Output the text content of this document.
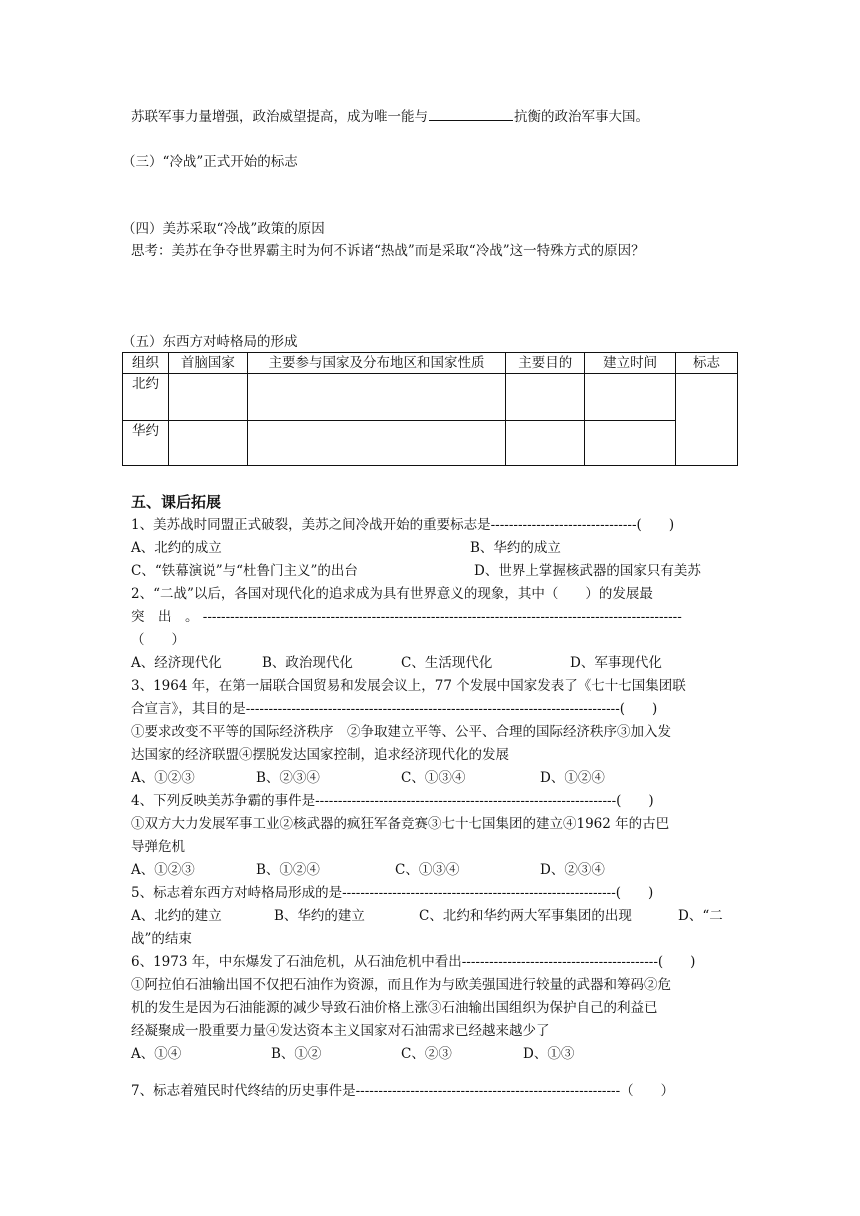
苏联军事力量增强，政治威望提高，成为唯一能与	抗衡的政治军事大国。
（三）“冷战”正式开始的标志
（四）美苏采取“冷战”政策的原因
思考：美苏在争夺世界霸主时为何不诉诸“热战”而是采取“冷战”这一特殊方式的原因？
（五）东西方对峙格局的形成
组织	首脑国家	主要参与国家及分布地区和国家性质	主要目的	建立时间	标志
北约					
华约					
五、课后拓展
1、美苏战时同盟正式破裂，美苏之间冷战开始的重要标志是--------------------------------(　　)
A、北约的成立	B、华约的成立
C、“铁幕演说”与“杜鲁门主义”的出台	D、世界上掌握核武器的国家只有美苏
2、“二战”以后，各国对现代化的追求成为具有世界意义的现象，其中（　　）的发展最
突　出　。 ---------------------------------------------------------------------------------------------------------
（　　）
A、经济现代化	B、政治现代化	C、生活现代化	D、军事现代化
3、1964 年，在第一届联合国贸易和发展会议上，77 个发展中国家发表了《七十七国集团联
合宣言》，其目的是----------------------------------------------------------------------------------(　　)
①要求改变不平等的国际经济秩序　②争取建立平等、公平、合理的国际经济秩序③加入发
达国家的经济联盟④摆脱发达国家控制，追求经济现代化的发展
A、①②③	B、②③④	C、①③④	D、①②④
4、下列反映美苏争霸的事件是------------------------------------------------------------------(　　)
①双方大力发展军事工业②核武器的疯狂军备竞赛③七十七国集团的建立④1962 年的古巴
导弹危机
A、①②③	B、①②④	C、①③④	D、②③④
5、标志着东西方对峙格局形成的是------------------------------------------------------------(　　)
A、北约的建立	B、华约的建立	C、北约和华约两大军事集团的出现	D、“二
战”的结束
6、1973 年，中东爆发了石油危机，从石油危机中看出-------------------------------------------(　　)
①阿拉伯石油输出国不仅把石油作为资源，而且作为与欧美强国进行较量的武器和筹码②危
机的发生是因为石油能源的减少导致石油价格上涨③石油输出国组织为保护自己的利益已
经凝聚成一股重要力量④发达资本主义国家对石油需求已经越来越少了
A、①④	B、①②	C、②③	D、①③
7、标志着殖民时代终结的历史事件是----------------------------------------------------------（　　）
